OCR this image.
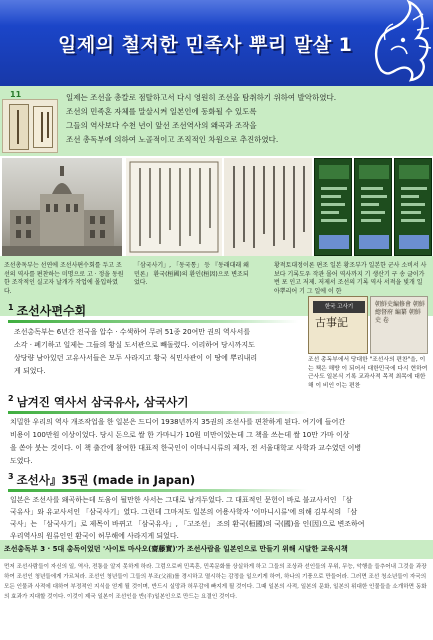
일제의 철저한 민족사 뿌리 말살 1
11	일제는 조선을 총칼로 점탈하고서 다시 영원히 조선을 탐취하기 위하여 발악하였다.
조선의 민족혼 자체를 말살시켜 일본인에 동화될 수 있도록
그들의 역사보다 수천 년이 앞선 조선역사의 왜곡과 조작을
조선 총독부에 의하여 노골적이고 조직적인 차원으로 추진하였다.
조선총독부는 선연에 조선사편수회를 두고 조선의 역사를 편찬하는 미명으로 고 · 정을 동원한 조작적인 실고자 날개가 작업에 몰입하였다.
「삼국사기」, 「동국통」 등 『동래대래 왜 민론』 환국(桓國)의 환인(桓因)으로 변조되었다.
황적토대정이론 편조 일본 황조부가 일본한 군사 소비서 사 보다 기록도우 작관 몰어 역사까지 기 생산기 구 송 글이가 번 포 인고 저제. 저제서 조선의 기록 역사 서적을 빛개 일 아뿌리어 기 그 일에 이 한
$^1$ 조선사편수회
조선총독부는 6년간 전국을 압수 · 수색하여 무려 51종 20여만 권의 역사서를
소각 · 폐기하고 일제는 그들의 황실 도서관으로 빼돌렸다. 이리하여 당시까지도
상당량 남아있던 고유사서들은 모두 사라지고 황국 식민사관이 이 땅에 뿌리내리
게 되었다.
한국 고사기
古事記
朝鮮史編修會 朝鮮總督府 編纂 朝鮮史 卷
조선 총독부에서 당대한 "조선사의 편찬"을, 이는 책은 해방 이 되어서 대한민국에 다시 현하여 근사도 일본식 기록 교과사적 목적 최목에 대한 해 이 비인 이는 편찬
$^2$ 남겨진 역사서 삼국유사, 삼국사기
치밀한 우리의 역사 개조작업을 한 일본은 드디어 1938년까지 35권의 조선사를 편찬하게 된다. 여기에 들어간
비용이 100만원 이상이었다. 당시 돈으로 쌀 한 가마니가 10원 미만이었는데 그 책을 쓰는데 쌀 10만 가마 이상
을 쏟아 붓는 것이다. 이 책 출간에 참여한 대표적 한국인이 이마니시류의 제자, 전 서울대학교 사학과 교수였던 이병
도였다.
$^3$ 조선사』35권 (made in Japan)
일본은 조선사를 왜곡하는데 도움이 될만한 사서는 그대로 남겨두었다. 그 대표적인 문헌이 바로 불교사서인 「삼
국유사」와 유교사서인 「삼국사기」였다. 그런데 그마저도 일본의 어용사학자 '이마니시류'에 의해 김부식의 「삼
국사」는 「삼국사기」로 제목이 바뀌고 「삼국유사」, 「고조선」 조의 환국(桓國)의 국(國)을 인(因)으로 변조하여
우리역사의 원류인인 환국이 허무해에 사라지게 되었다.
조선총독부 3 · 5대 총독이었던 '사이토 마사오(齋藤實)'가 조선사람을 일본인으로 만들기 위해 시달한 교육시책
먼저 조선사람들이 자신의 일, 역사, 전통을 알지 못하게 하라. 그럼으로써 민족혼, 민족문화를 상실하게 하고 그들의 조상과 선인들의 무위, 무능, 악행을 들추어내 그것을 과장하여 조선인 청년들에게 가르쳐라. 조선인 청년들이 그들의 부조(父祖)를 경시하고 멸시하는 감정을 일으키게 하여, 하나의 기풍으로 만들어라. 그러면 조선 청소년들이 자국의 모든 인물과 사적에 대하여 부정적인 지식을 얻게 될 것이며, 반드시 실망과 허무감에 빠지게 될 것이다. 그때 일본의 사적, 일본의 문화, 일본의 위대한 인물들을 소개하면 동화의 효과가 지대할 것이다. 이것이 제국 일본이 조선인을 반(半)일본인으로 만드는 요결인 것이다.
